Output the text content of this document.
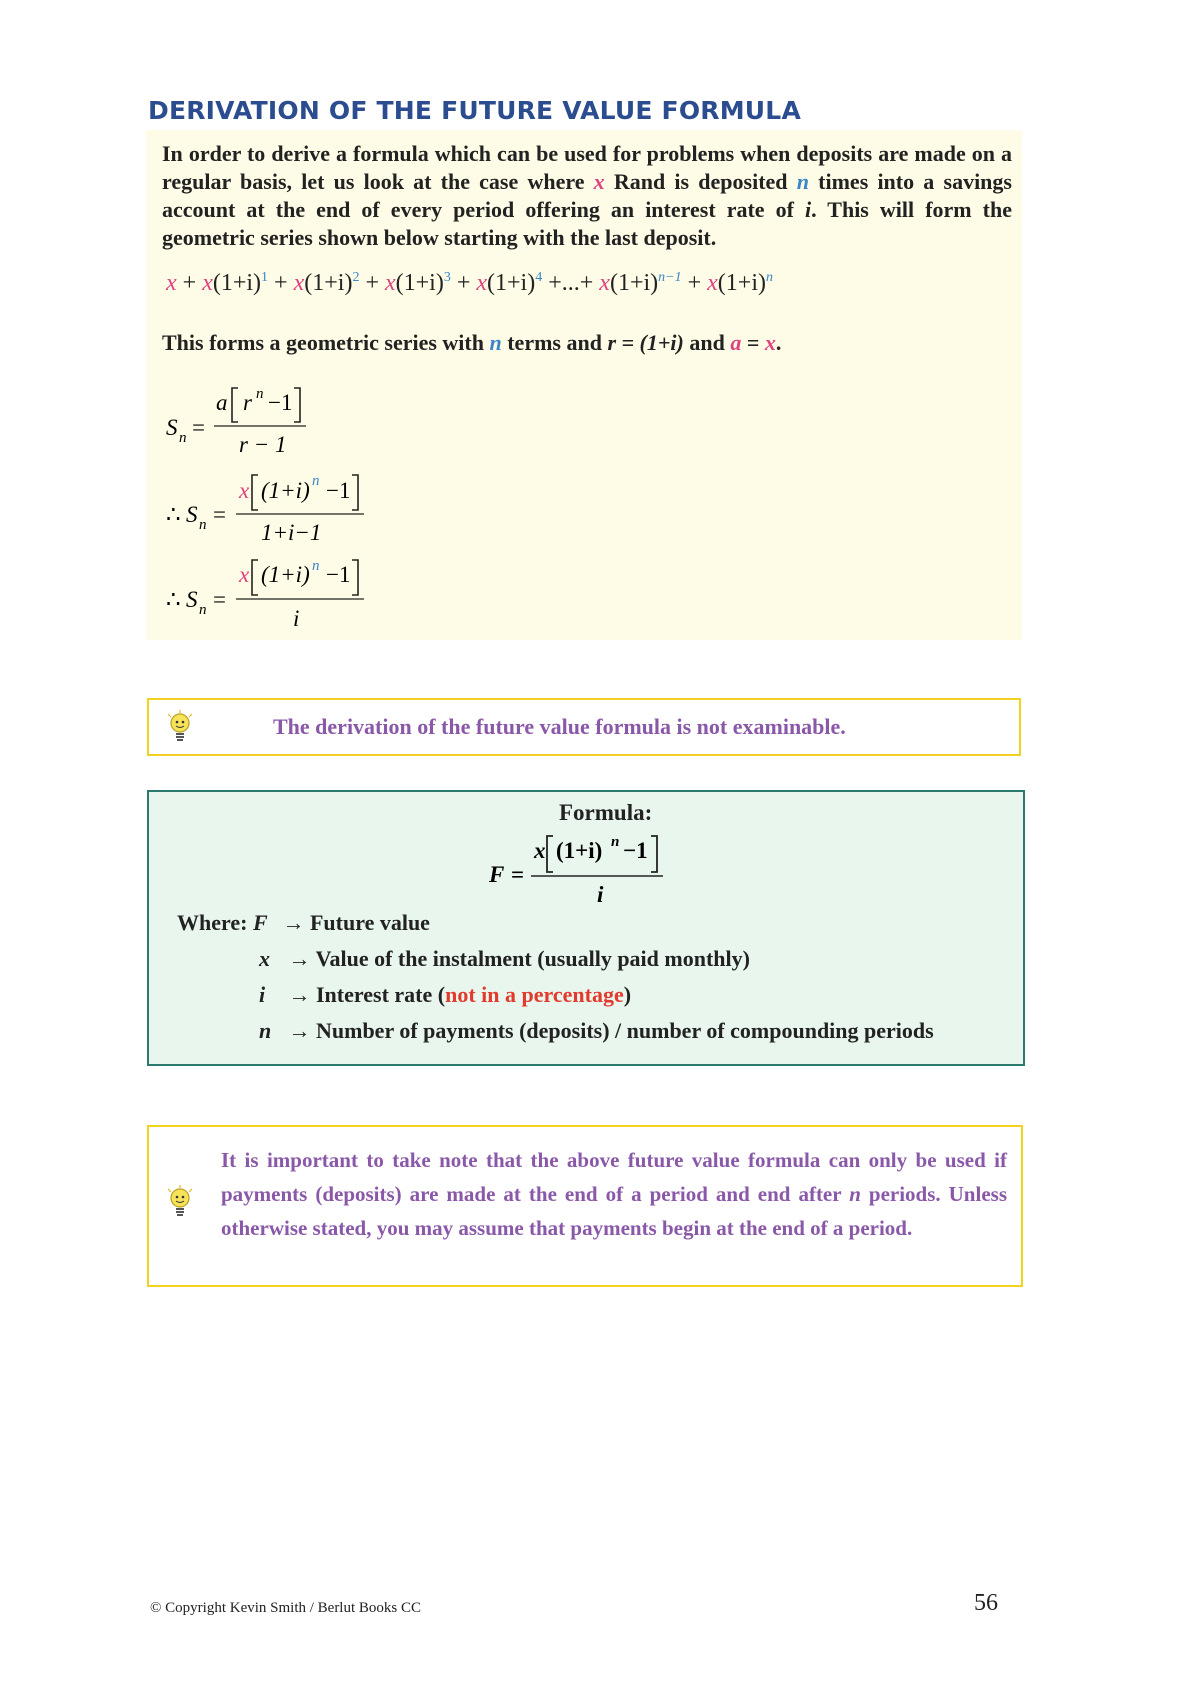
DERIVATION OF THE FUTURE VALUE FORMULA

In order to derive a formula which can be used for problems when deposits are made on a regular basis, let us look at the case where x Rand is deposited n times into a savings account at the end of every period offering an interest rate of i. This will form the geometric series shown below starting with the last deposit.

$x + x(1+i)^1 + x(1+i)^2 + x(1+i)^3 + x(1+i)^4$ +...+ $x(1+i)^{n-1} + x(1+i)^n$
This forms a geometric series with n terms and r = (1+i) and a = x.
S n =
a r n −1
r − 1
∴ S n =
x (1+i) n −1
1+i−1
∴ S n =
x (1+i) n −1
i
The derivation of the future value formula is not examinable.
Formula:
F =
x (1+i) n −1
i
Where: F → Future value
x → Value of the instalment (usually paid monthly)
i → Interest rate (not in a percentage)
n → Number of payments (deposits) / number of compounding periods

It is important to take note that the above future value formula can only be used if payments (deposits) are made at the end of a period and end after n periods. Unless otherwise stated, you may assume that payments begin at the end of a period.

© Copyright Kevin Smith / Berlut Books CC	56
